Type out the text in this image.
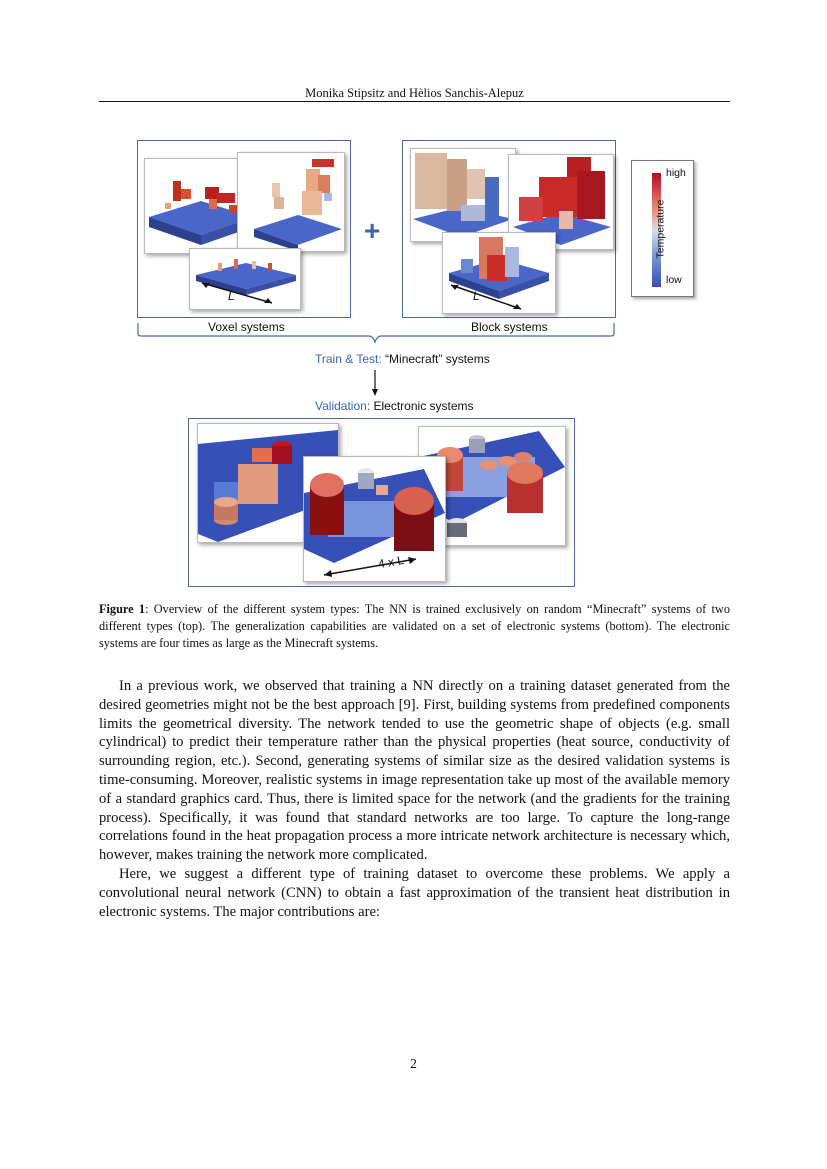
Monika Stipsitz and Hèlios Sanchis-Alepuz
L
+
L
high
low
Temperature
Voxel systems	Block systems
Train & Test: “Minecraft” systems
Validation: Electronic systems
4 x L
Figure 1: Overview of the different system types: The NN is trained exclusively on random “Minecraft” systems of two different types (top). The generalization capabilities are validated on a set of electronic systems (bottom). The electronic systems are four times as large as the Minecraft systems.

In a previous work, we observed that training a NN directly on a training dataset generated from the desired geometries might not be the best approach [9]. First, building systems from predefined components limits the geometrical diversity. The network tended to use the geometric shape of objects (e.g. small cylindrical) to predict their temperature rather than the physical properties (heat source, conductivity of surrounding region, etc.). Second, generating systems of similar size as the desired validation systems is time-consuming. Moreover, realistic systems in image representation take up most of the available memory of a standard graphics card. Thus, there is limited space for the network (and the gradients for the training process). Specifically, it was found that standard networks are too large. To capture the long-range correlations found in the heat propagation process a more intricate network architecture is necessary which, however, makes training the network more complicated.

Here, we suggest a different type of training dataset to overcome these problems. We apply a convolutional neural network (CNN) to obtain a fast approximation of the transient heat distribution in electronic systems. The major contributions are:

2
